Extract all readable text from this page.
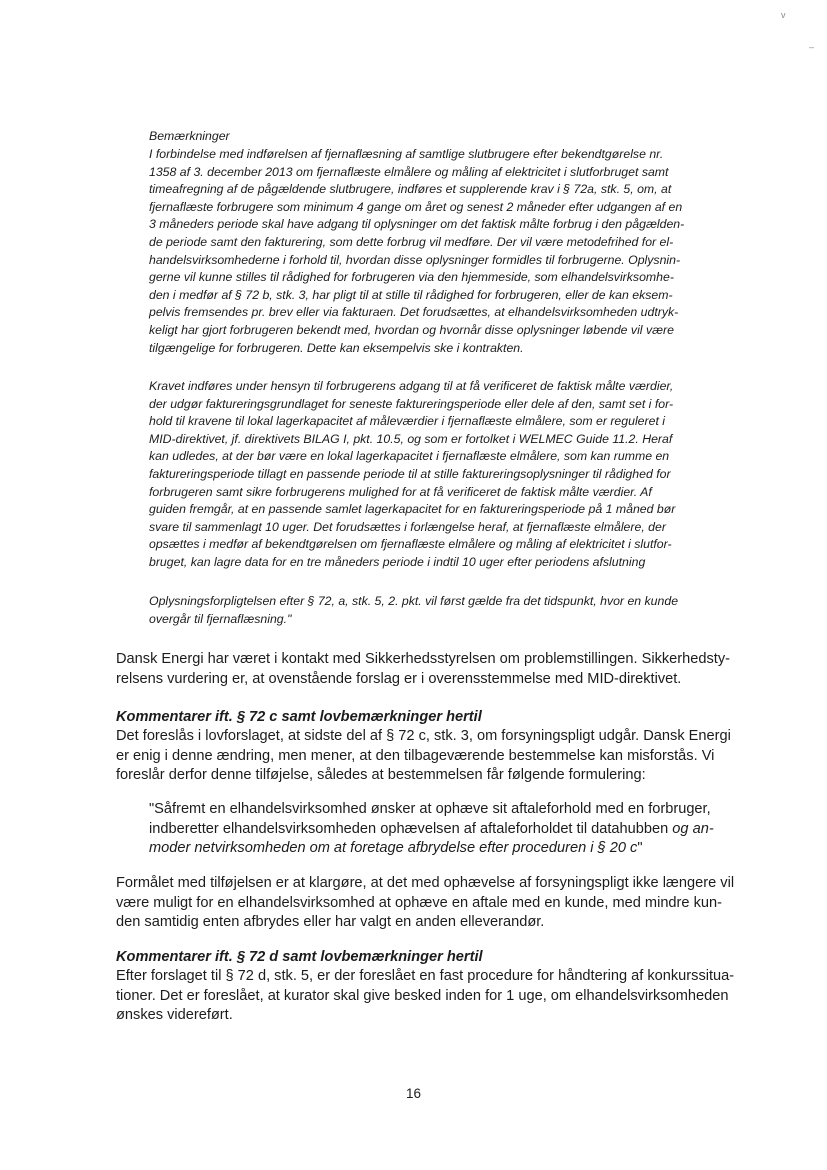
v
–
Bemærkninger
I forbindelse med indførelsen af fjernaflæsning af samtlige slutbrugere efter bekendtgørelse nr.
1358 af 3. december 2013 om fjernaflæste elmålere og måling af elektricitet i slutforbruget samt
timeafregning af de pågældende slutbrugere, indføres et supplerende krav i § 72a, stk. 5, om, at
fjernaflæste forbrugere som minimum 4 gange om året og senest 2 måneder efter udgangen af en
3 måneders periode skal have adgang til oplysninger om det faktisk målte forbrug i den pågælden-
de periode samt den fakturering, som dette forbrug vil medføre. Der vil være metodefrihed for el-
handelsvirksomhederne i forhold til, hvordan disse oplysninger formidles til forbrugerne. Oplysnin-
gerne vil kunne stilles til rådighed for forbrugeren via den hjemmeside, som elhandelsvirksomhe-
den i medfør af § 72 b, stk. 3, har pligt til at stille til rådighed for forbrugeren, eller de kan eksem-
pelvis fremsendes pr. brev eller via fakturaen. Det forudsættes, at elhandelsvirksomheden udtryk-
keligt har gjort forbrugeren bekendt med, hvordan og hvornår disse oplysninger løbende vil være
tilgængelige for forbrugeren. Dette kan eksempelvis ske i kontrakten.
Kravet indføres under hensyn til forbrugerens adgang til at få verificeret de faktisk målte værdier,
der udgør faktureringsgrundlaget for seneste faktureringsperiode eller dele af den, samt set i for-
hold til kravene til lokal lagerkapacitet af måleværdier i fjernaflæste elmålere, som er reguleret i
MID-direktivet, jf. direktivets BILAG I, pkt. 10.5, og som er fortolket i WELMEC Guide 11.2. Heraf
kan udledes, at der bør være en lokal lagerkapacitet i fjernaflæste elmålere, som kan rumme en
faktureringsperiode tillagt en passende periode til at stille faktureringsoplysninger til rådighed for
forbrugeren samt sikre forbrugerens mulighed for at få verificeret de faktisk målte værdier. Af
guiden fremgår, at en passende samlet lagerkapacitet for en faktureringsperiode på 1 måned bør
svare til sammenlagt 10 uger. Det forudsættes i forlængelse heraf, at fjernaflæste elmålere, der
opsættes i medfør af bekendtgørelsen om fjernaflæste elmålere og måling af elektricitet i slutfor-
bruget, kan lagre data for en tre måneders periode i indtil 10 uger efter periodens afslutning
Oplysningsforpligtelsen efter § 72, a, stk. 5, 2. pkt. vil først gælde fra det tidspunkt, hvor en kunde
overgår til fjernaflæsning."
Dansk Energi har været i kontakt med Sikkerhedsstyrelsen om problemstillingen. Sikkerhedsty-
relsens vurdering er, at ovenstående forslag er i overensstemmelse med MID-direktivet.
Kommentarer ift. § 72 c samt lovbemærkninger hertil
Det foreslås i lovforslaget, at sidste del af § 72 c, stk. 3, om forsyningspligt udgår. Dansk Energi
er enig i denne ændring, men mener, at den tilbageværende bestemmelse kan misforstås. Vi
foreslår derfor denne tilføjelse, således at bestemmelsen får følgende formulering:
"Såfremt en elhandelsvirksomhed ønsker at ophæve sit aftaleforhold med en forbruger,
indberetter elhandelsvirksomheden ophævelsen af aftaleforholdet til datahubben og an-
moder netvirksomheden om at foretage afbrydelse efter proceduren i § 20 c"
Formålet med tilføjelsen er at klargøre, at det med ophævelse af forsyningspligt ikke længere vil
være muligt for en elhandelsvirksomhed at ophæve en aftale med en kunde, med mindre kun-
den samtidig enten afbrydes eller har valgt en anden elleverandør.
Kommentarer ift. § 72 d samt lovbemærkninger hertil
Efter forslaget til § 72 d, stk. 5, er der foreslået en fast procedure for håndtering af konkurssitua-
tioner. Det er foreslået, at kurator skal give besked inden for 1 uge, om elhandelsvirksomheden
ønskes videreført.
16
